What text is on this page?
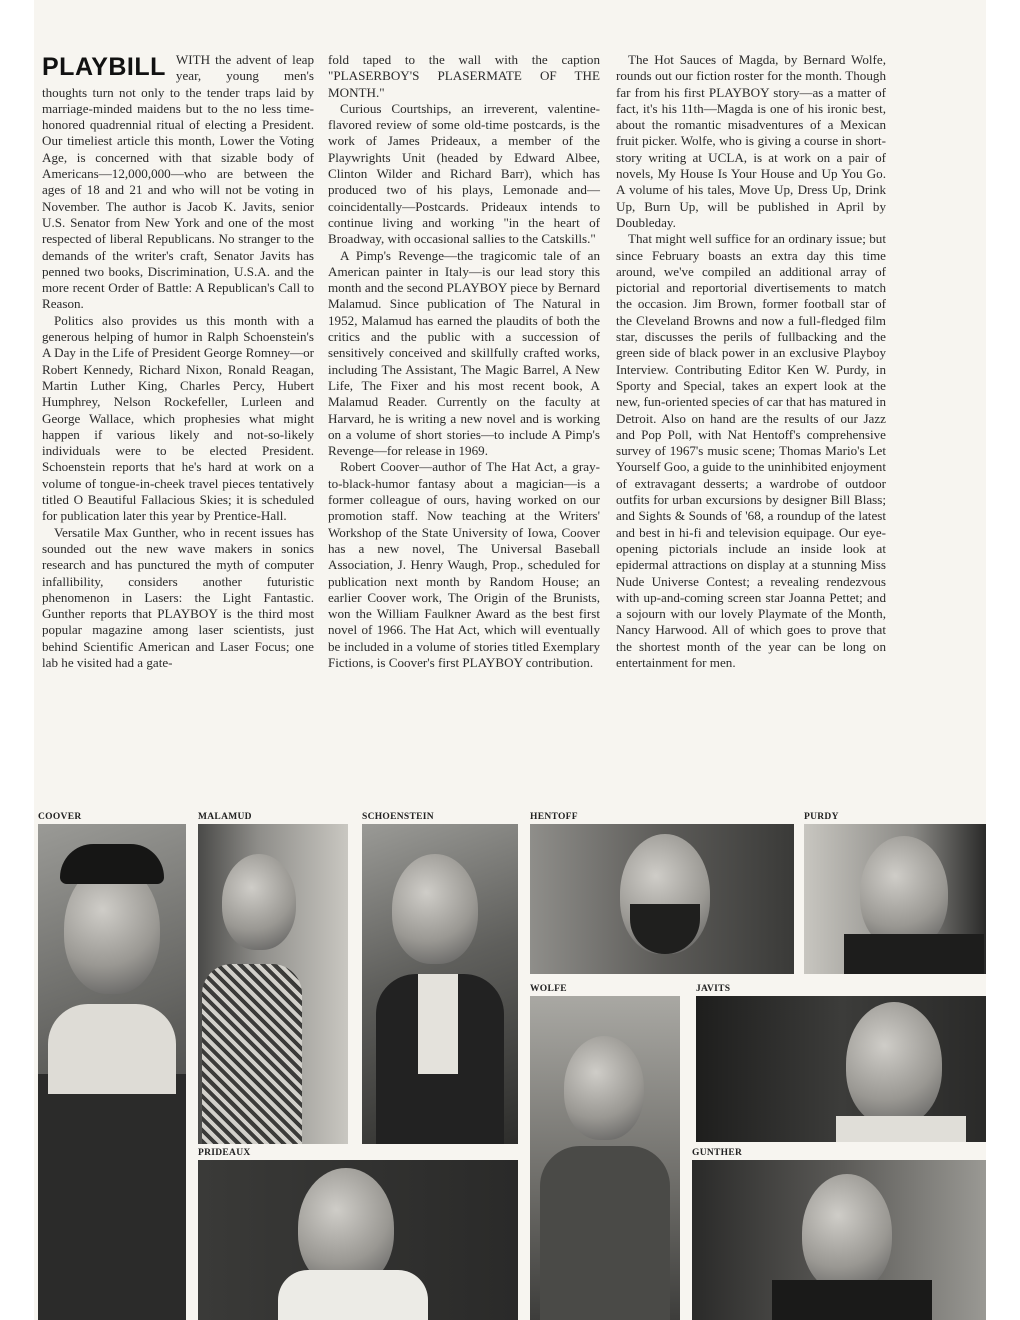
PLAYBILL WITH the advent of leap year, young men's thoughts turn not only to the tender traps laid by marriage-minded maidens but to the no less time-honored quadrennial ritual of electing a President. Our timeliest article this month, Lower the Voting Age, is concerned with that sizable body of Americans—12,000,000—who are between the ages of 18 and 21 and who will not be voting in November. The author is Jacob K. Javits, senior U.S. Senator from New York and one of the most respected of liberal Republicans. No stranger to the demands of the writer's craft, Senator Javits has penned two books, Discrimination, U.S.A. and the more recent Order of Battle: A Republican's Call to Reason.

Politics also provides us this month with a generous helping of humor in Ralph Schoenstein's A Day in the Life of President George Romney—or Robert Kennedy, Richard Nixon, Ronald Reagan, Martin Luther King, Charles Percy, Hubert Humphrey, Nelson Rockefeller, Lurleen and George Wallace, which prophesies what might happen if various likely and not-so-likely individuals were to be elected President. Schoenstein reports that he's hard at work on a volume of tongue-in-cheek travel pieces tentatively titled O Beautiful Fallacious Skies; it is scheduled for publication later this year by Prentice-Hall.

Versatile Max Gunther, who in recent issues has sounded out the new wave makers in sonics research and has punctured the myth of computer infallibility, considers another futuristic phenomenon in Lasers: the Light Fantastic. Gunther reports that PLAYBOY is the third most popular magazine among laser scientists, just behind Scientific American and Laser Focus; one lab he visited had a gate-

fold taped to the wall with the caption "PLASERBOY'S PLASERMATE OF THE MONTH."

Curious Courtships, an irreverent, valentine-flavored review of some old-time postcards, is the work of James Prideaux, a member of the Playwrights Unit (headed by Edward Albee, Clinton Wilder and Richard Barr), which has produced two of his plays, Lemonade and—coincidentally—Postcards. Prideaux intends to continue living and working "in the heart of Broadway, with occasional sallies to the Catskills."

A Pimp's Revenge—the tragicomic tale of an American painter in Italy—is our lead story this month and the second PLAYBOY piece by Bernard Malamud. Since publication of The Natural in 1952, Malamud has earned the plaudits of both the critics and the public with a succession of sensitively conceived and skillfully crafted works, including The Assistant, The Magic Barrel, A New Life, The Fixer and his most recent book, A Malamud Reader. Currently on the faculty at Harvard, he is writing a new novel and is working on a volume of short stories—to include A Pimp's Revenge—for release in 1969.

Robert Coover—author of The Hat Act, a gray-to-black-humor fantasy about a magician—is a former colleague of ours, having worked on our promotion staff. Now teaching at the Writers' Workshop of the State University of Iowa, Coover has a new novel, The Universal Baseball Association, J. Henry Waugh, Prop., scheduled for publication next month by Random House; an earlier Coover work, The Origin of the Brunists, won the William Faulkner Award as the best first novel of 1966. The Hat Act, which will eventually be included in a volume of stories titled Exemplary Fictions, is Coover's first PLAYBOY contribution.

The Hot Sauces of Magda, by Bernard Wolfe, rounds out our fiction roster for the month. Though far from his first PLAYBOY story—as a matter of fact, it's his 11th—Magda is one of his ironic best, about the romantic misadventures of a Mexican fruit picker. Wolfe, who is giving a course in short-story writing at UCLA, is at work on a pair of novels, My House Is Your House and Up You Go. A volume of his tales, Move Up, Dress Up, Drink Up, Burn Up, will be published in April by Doubleday.

That might well suffice for an ordinary issue; but since February boasts an extra day this time around, we've compiled an additional array of pictorial and reportorial divertisements to match the occasion. Jim Brown, former football star of the Cleveland Browns and now a full-fledged film star, discusses the perils of fullbacking and the green side of black power in an exclusive Playboy Interview. Contributing Editor Ken W. Purdy, in Sporty and Special, takes an expert look at the new, fun-oriented species of car that has matured in Detroit. Also on hand are the results of our Jazz and Pop Poll, with Nat Hentoff's comprehensive survey of 1967's music scene; Thomas Mario's Let Yourself Goo, a guide to the uninhibited enjoyment of extravagant desserts; a wardrobe of outdoor outfits for urban excursions by designer Bill Blass; and Sights & Sounds of '68, a roundup of the latest and best in hi-fi and television equipage. Our eye-opening pictorials include an inside look at epidermal attractions on display at a stunning Miss Nude Universe Contest; a revealing rendezvous with up-and-coming screen star Joanna Pettet; and a sojourn with our lovely Playmate of the Month, Nancy Harwood. All of which goes to prove that the shortest month of the year can be long on entertainment for men.

COOVER	MALAMUD	SCHOENSTEIN	HENTOFF	PURDY
WOLFE	JAVITS
PRIDEAUX	GUNTHER
